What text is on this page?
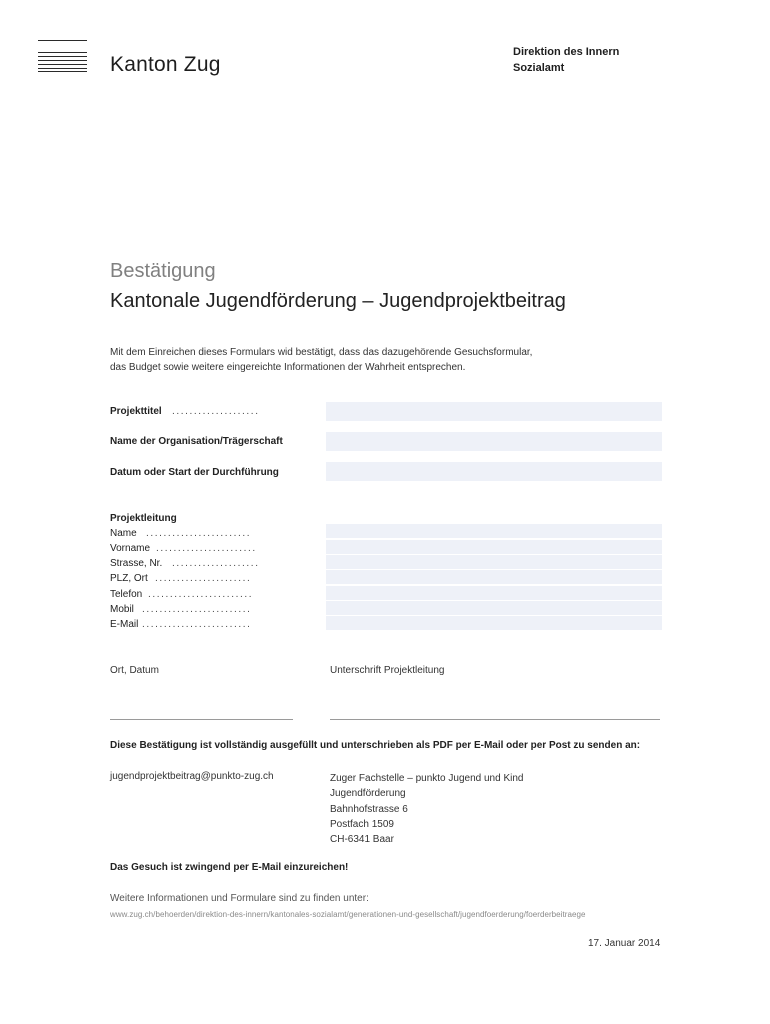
Kanton Zug
Direktion des Innern
Sozialamt
Bestätigung
Kantonale Jugendförderung – Jugendprojektbeitrag
Mit dem Einreichen dieses Formulars wid bestätigt, dass das dazugehörende Gesuchsformular,
das Budget sowie weitere eingereichte Informationen der Wahrheit entsprechen.
Projekttitel ....................
Name der Organisation/Trägerschaft
Datum oder Start der Durchführung
Projektleitung
Name ........................
Vorname .......................
Strasse, Nr. ....................
PLZ, Ort ......................
Telefon ........................
Mobil .........................
E-Mail .........................
Ort, Datum	Unterschrift Projektleitung
Diese Bestätigung ist vollständig ausgefüllt und unterschrieben als PDF per E-Mail oder per Post zu senden an:
jugendprojektbeitrag@punkto-zug.ch	Zuger Fachstelle – punkto Jugend und Kind
Jugendförderung
Bahnhofstrasse 6
Postfach 1509
CH-6341 Baar
Das Gesuch ist zwingend per E-Mail einzureichen!
Weitere Informationen und Formulare sind zu finden unter:
www.zug.ch/behoerden/direktion-des-innern/kantonales-sozialamt/generationen-und-gesellschaft/jugendfoerderung/foerderbeitraege
17. Januar 2014
